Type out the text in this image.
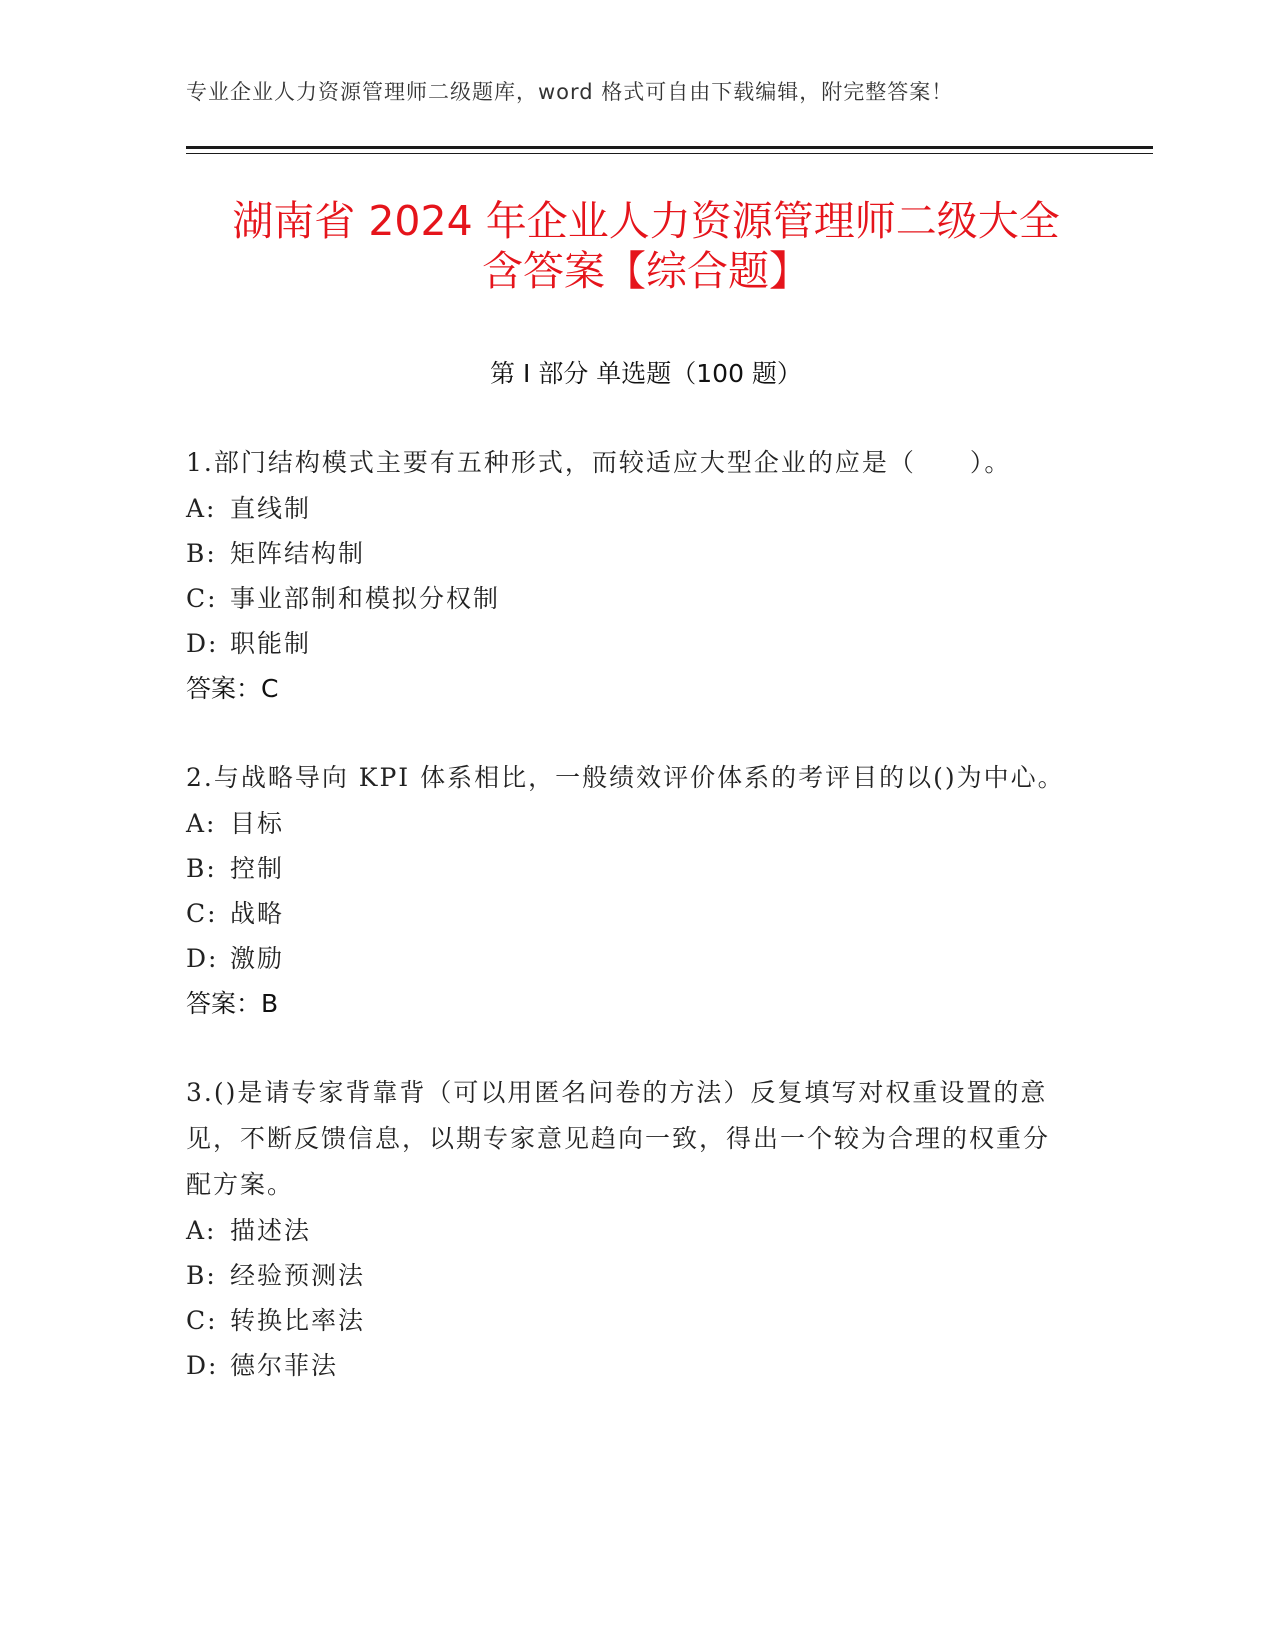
专业企业人力资源管理师二级题库，word 格式可自由下载编辑，附完整答案！
湖南省 2024 年企业人力资源管理师二级大全
含答案【综合题】
第 I 部分 单选题（100 题）

1.部门结构模式主要有五种形式，而较适应大型企业的应是（　　）。

A: 直线制

B: 矩阵结构制

C: 事业部制和模拟分权制

D: 职能制

答案：C

2.与战略导向 KPI 体系相比，一般绩效评价体系的考评目的以()为中心。

A: 目标

B: 控制

C: 战略

D: 激励

答案：B

3.()是请专家背靠背（可以用匿名问卷的方法）反复填写对权重设置的意见，不断反馈信息，以期专家意见趋向一致，得出一个较为合理的权重分配方案。

A: 描述法

B: 经验预测法

C: 转换比率法

D: 德尔菲法
